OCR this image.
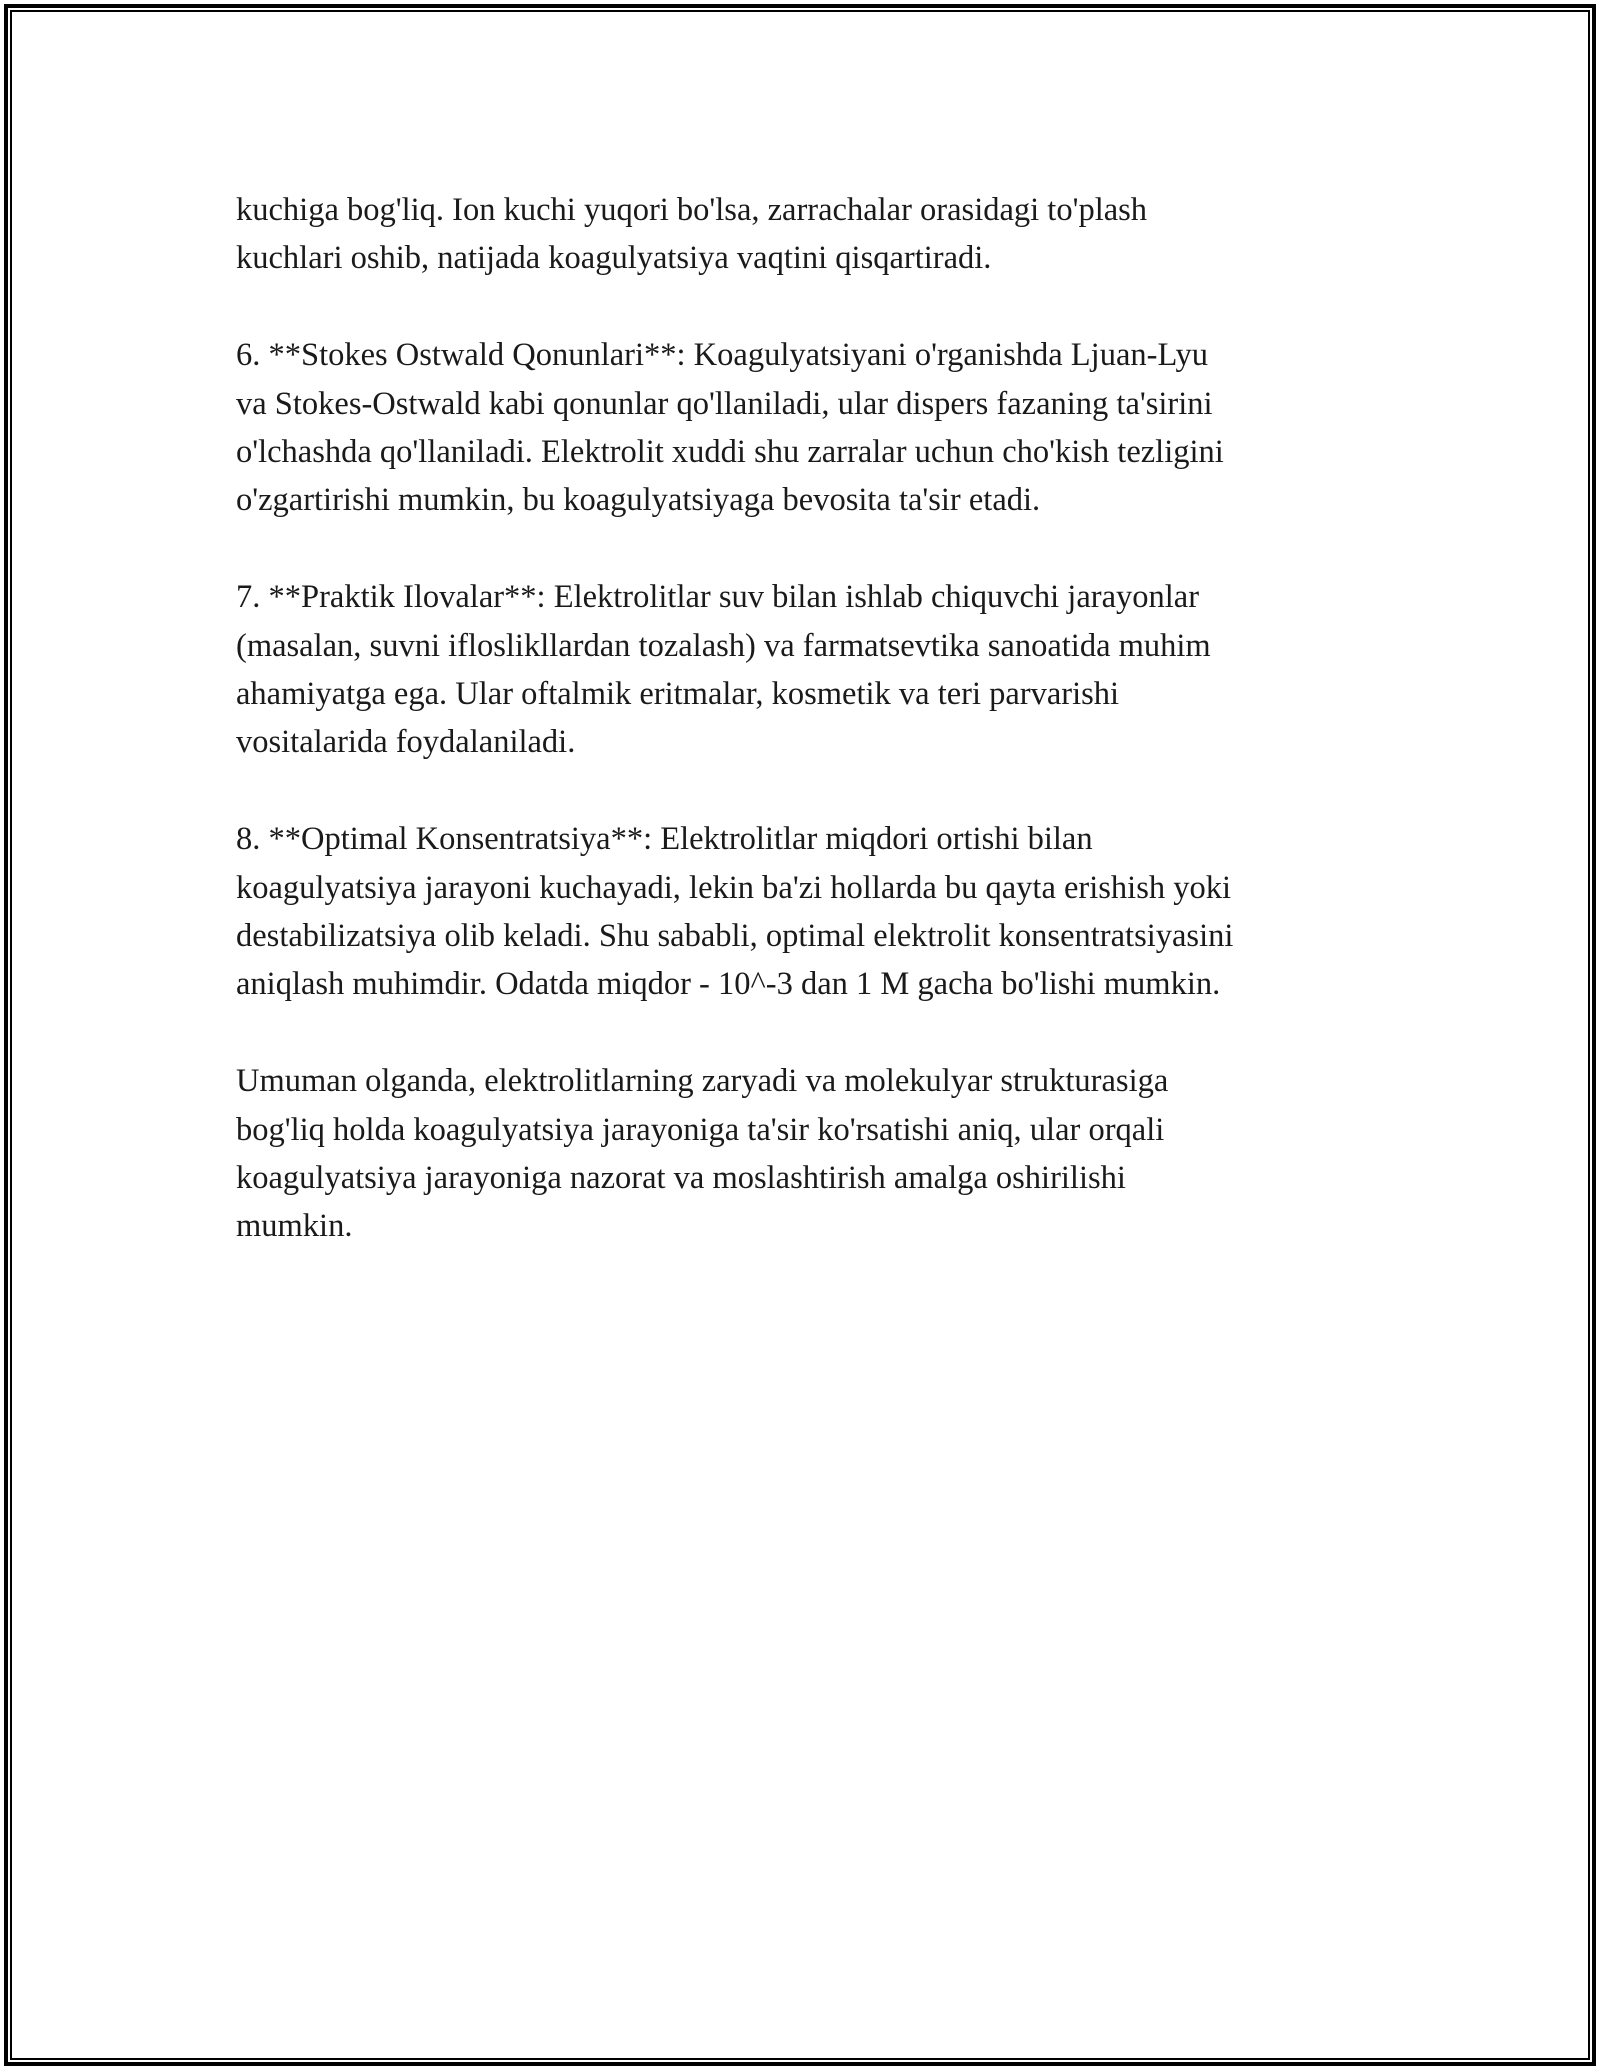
kuchiga bog'liq. Ion kuchi yuqori bo'lsa, zarrachalar orasidagi to'plash
kuchlari oshib, natijada koagulyatsiya vaqtini qisqartiradi.

6. **Stokes Ostwald Qonunlari**: Koagulyatsiyani o'rganishda Ljuan-Lyu
va Stokes-Ostwald kabi qonunlar qo'llaniladi, ular dispers fazaning ta'sirini
o'lchashda qo'llaniladi. Elektrolit xuddi shu zarralar uchun cho'kish tezligini
o'zgartirishi mumkin, bu koagulyatsiyaga bevosita ta'sir etadi.

7. **Praktik Ilovalar**: Elektrolitlar suv bilan ishlab chiquvchi jarayonlar
(masalan, suvni ifloslikllardan tozalash) va farmatsevtika sanoatida muhim
ahamiyatga ega. Ular oftalmik eritmalar, kosmetik va teri parvarishi
vositalarida foydalaniladi.

8. **Optimal Konsentratsiya**: Elektrolitlar miqdori ortishi bilan
koagulyatsiya jarayoni kuchayadi, lekin ba'zi hollarda bu qayta erishish yoki
destabilizatsiya olib keladi. Shu sababli, optimal elektrolit konsentratsiyasini
aniqlash muhimdir. Odatda miqdor - 10^-3 dan 1 M gacha bo'lishi mumkin.

Umuman olganda, elektrolitlarning zaryadi va molekulyar strukturasiga
bog'liq holda koagulyatsiya jarayoniga ta'sir ko'rsatishi aniq, ular orqali
koagulyatsiya jarayoniga nazorat va moslashtirish amalga oshirilishi
mumkin.
